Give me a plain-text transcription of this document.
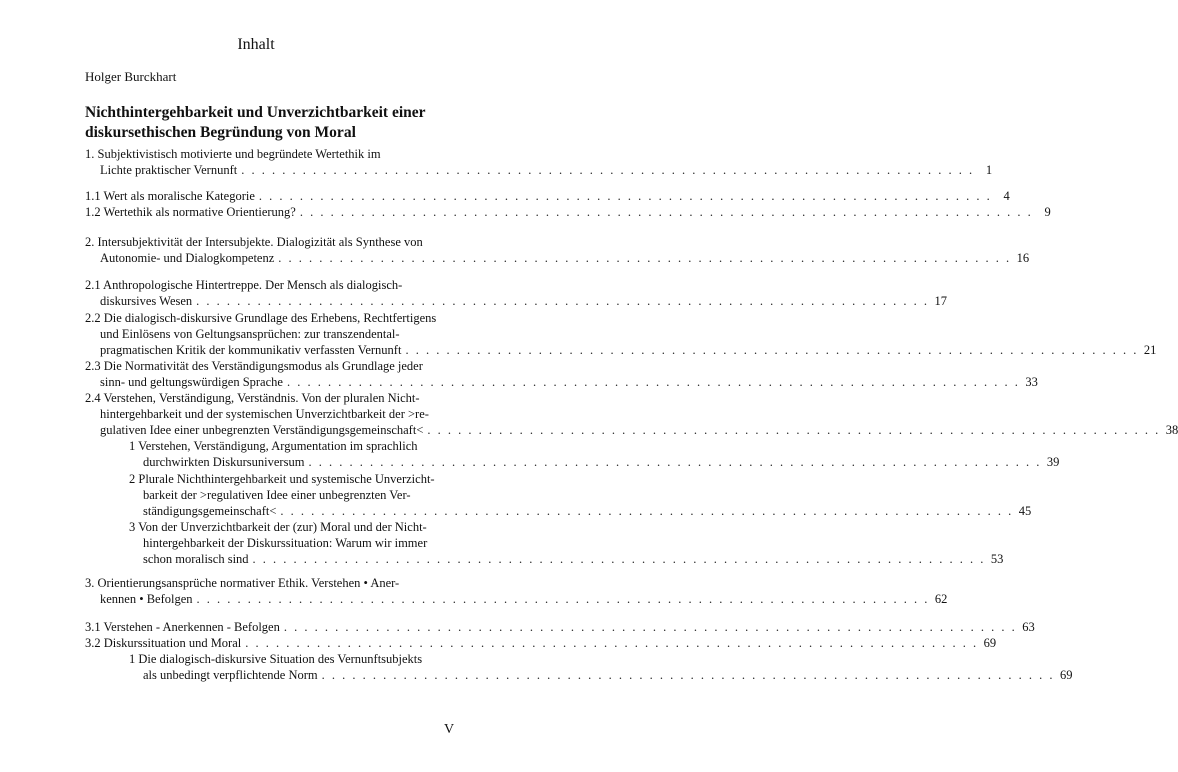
Inhalt
Holger Burckhart
Nichthintergehbarkeit und Unverzichtbarkeit einer
diskursethischen Begründung von Moral
1. Subjektivistisch motivierte und begründete Wertethik im
Lichte praktischer Vernunft . . . . . . . . . . . . . . . . . . . . . . . . . . . . . . . . . . . . . . . . . . . . . . . . . . . . . . . . . . . . . . . . . . . . . . . . 1
1.1 Wert als moralische Kategorie . . . . . . . . . . . . . . . . . . . . . . . . . . . . . . . . . . . . . . . . . . . . . . . . . . . . . . . . . . . . . . . . . . . . . . . . 4
1.2 Wertethik als normative Orientierung? . . . . . . . . . . . . . . . . . . . . . . . . . . . . . . . . . . . . . . . . . . . . . . . . . . . . . . . . . . . . . . . . . . . . . . . . 9
2. Intersubjektivität der Intersubjekte. Dialogizität als Synthese von
Autonomie- und Dialogkompetenz . . . . . . . . . . . . . . . . . . . . . . . . . . . . . . . . . . . . . . . . . . . . . . . . . . . . . . . . . . . . . . . . . . . . . . . . 16
2.1 Anthropologische Hintertreppe. Der Mensch als dialogisch-
diskursives Wesen . . . . . . . . . . . . . . . . . . . . . . . . . . . . . . . . . . . . . . . . . . . . . . . . . . . . . . . . . . . . . . . . . . . . . . . . 17
2.2 Die dialogisch-diskursive Grundlage des Erhebens, Rechtfertigens
und Einlösens von Geltungsansprüchen: zur transzendental-
pragmatischen Kritik der kommunikativ verfassten Vernunft . . . . . . . . . . . . . . . . . . . . . . . . . . . . . . . . . . . . . . . . . . . . . . . . . . . . . . . . . . . . . . . . . . . . . . . . 21
2.3 Die Normativität des Verständigungsmodus als Grundlage jeder
sinn- und geltungswürdigen Sprache . . . . . . . . . . . . . . . . . . . . . . . . . . . . . . . . . . . . . . . . . . . . . . . . . . . . . . . . . . . . . . . . . . . . . . . . 33
2.4 Verstehen, Verständigung, Verständnis. Von der pluralen Nicht-
hintergehbarkeit und der systemischen Unverzichtbarkeit der >re-
gulativen Idee einer unbegrenzten Verständigungsgemeinschaft< . . . . . . . . . . . . . . . . . . . . . . . . . . . . . . . . . . . . . . . . . . . . . . . . . . . . . . . . . . . . . . . . . . . . . . . . 38
1 Verstehen, Verständigung, Argumentation im sprachlich
durchwirkten Diskursuniversum . . . . . . . . . . . . . . . . . . . . . . . . . . . . . . . . . . . . . . . . . . . . . . . . . . . . . . . . . . . . . . . . . . . . . . . . 39
2 Plurale Nichthintergehbarkeit und systemische Unverzicht-
barkeit der >regulativen Idee einer unbegrenzten Ver-
ständigungsgemeinschaft< . . . . . . . . . . . . . . . . . . . . . . . . . . . . . . . . . . . . . . . . . . . . . . . . . . . . . . . . . . . . . . . . . . . . . . . . 45
3 Von der Unverzichtbarkeit der (zur) Moral und der Nicht-
hintergehbarkeit der Diskurssituation: Warum wir immer
schon moralisch sind . . . . . . . . . . . . . . . . . . . . . . . . . . . . . . . . . . . . . . . . . . . . . . . . . . . . . . . . . . . . . . . . . . . . . . . . 53
3. Orientierungsansprüche normativer Ethik. Verstehen • Aner-
kennen • Befolgen . . . . . . . . . . . . . . . . . . . . . . . . . . . . . . . . . . . . . . . . . . . . . . . . . . . . . . . . . . . . . . . . . . . . . . . . 62
3.1 Verstehen - Anerkennen - Befolgen . . . . . . . . . . . . . . . . . . . . . . . . . . . . . . . . . . . . . . . . . . . . . . . . . . . . . . . . . . . . . . . . . . . . . . . . 63
3.2 Diskurssituation und Moral . . . . . . . . . . . . . . . . . . . . . . . . . . . . . . . . . . . . . . . . . . . . . . . . . . . . . . . . . . . . . . . . . . . . . . . . 69
1 Die dialogisch-diskursive Situation des Vernunftsubjekts
als unbedingt verpflichtende Norm . . . . . . . . . . . . . . . . . . . . . . . . . . . . . . . . . . . . . . . . . . . . . . . . . . . . . . . . . . . . . . . . . . . . . . . . 69
V
